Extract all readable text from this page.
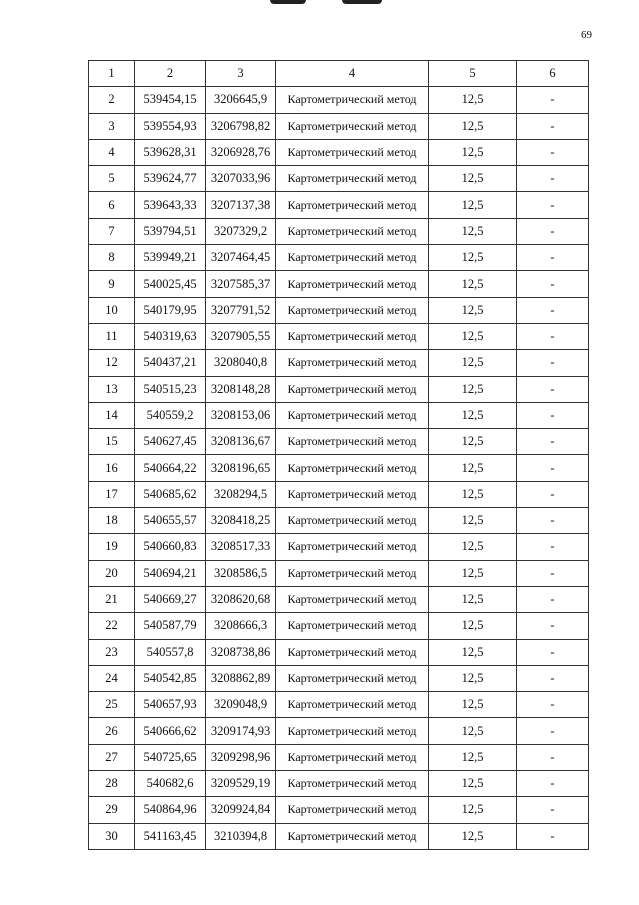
69
1	2	3	4	5	6
2	539454,15	3206645,9	Картометрический метод	12,5	-
3	539554,93	3206798,82	Картометрический метод	12,5	-
4	539628,31	3206928,76	Картометрический метод	12,5	-
5	539624,77	3207033,96	Картометрический метод	12,5	-
6	539643,33	3207137,38	Картометрический метод	12,5	-
7	539794,51	3207329,2	Картометрический метод	12,5	-
8	539949,21	3207464,45	Картометрический метод	12,5	-
9	540025,45	3207585,37	Картометрический метод	12,5	-
10	540179,95	3207791,52	Картометрический метод	12,5	-
11	540319,63	3207905,55	Картометрический метод	12,5	-
12	540437,21	3208040,8	Картометрический метод	12,5	-
13	540515,23	3208148,28	Картометрический метод	12,5	-
14	540559,2	3208153,06	Картометрический метод	12,5	-
15	540627,45	3208136,67	Картометрический метод	12,5	-
16	540664,22	3208196,65	Картометрический метод	12,5	-
17	540685,62	3208294,5	Картометрический метод	12,5	-
18	540655,57	3208418,25	Картометрический метод	12,5	-
19	540660,83	3208517,33	Картометрический метод	12,5	-
20	540694,21	3208586,5	Картометрический метод	12,5	-
21	540669,27	3208620,68	Картометрический метод	12,5	-
22	540587,79	3208666,3	Картометрический метод	12,5	-
23	540557,8	3208738,86	Картометрический метод	12,5	-
24	540542,85	3208862,89	Картометрический метод	12,5	-
25	540657,93	3209048,9	Картометрический метод	12,5	-
26	540666,62	3209174,93	Картометрический метод	12,5	-
27	540725,65	3209298,96	Картометрический метод	12,5	-
28	540682,6	3209529,19	Картометрический метод	12,5	-
29	540864,96	3209924,84	Картометрический метод	12,5	-
30	541163,45	3210394,8	Картометрический метод	12,5	-
